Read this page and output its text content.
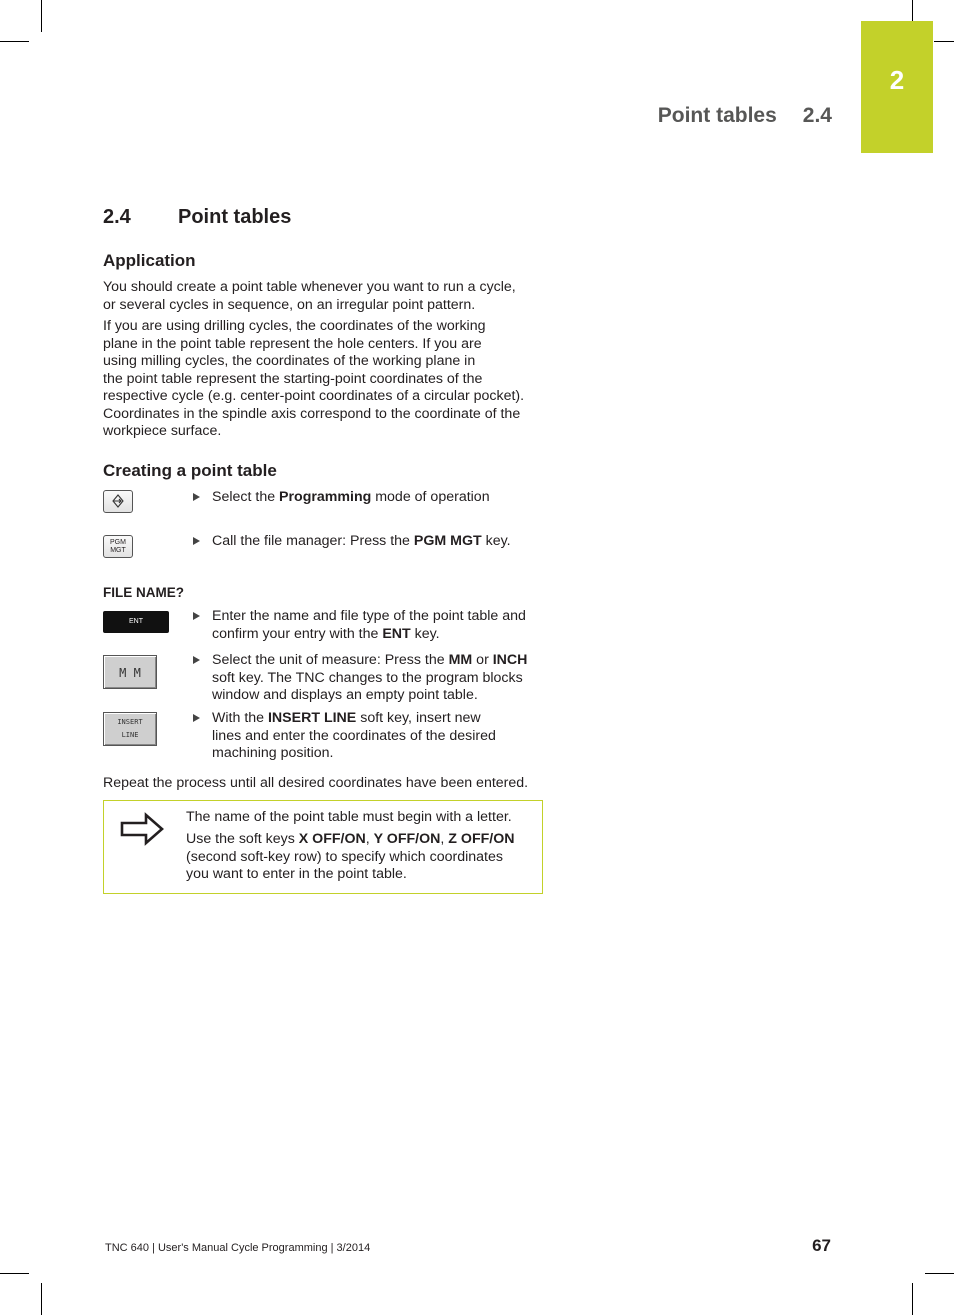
2
Point tables 2.4
2.4 Point tables
Application
You should create a point table whenever you want to run a cycle,
or several cycles in sequence, on an irregular point pattern.
If you are using drilling cycles, the coordinates of the working
plane in the point table represent the hole centers. If you are
using milling cycles, the coordinates of the working plane in
the point table represent the starting-point coordinates of the
respective cycle (e.g. center-point coordinates of a circular pocket).
Coordinates in the spindle axis correspond to the coordinate of the
workpiece surface.
Creating a point table
Select the Programming mode of operation
PGM
MGT
Call the file manager: Press the PGM MGT key.
FILE NAME?
ENT	Enter the name and file type of the point table and
confirm your entry with the ENT key.
M M
Select the unit of measure: Press the MM or INCH
soft key. The TNC changes to the program blocks
window and displays an empty point table.
INSERT
LINE
With the INSERT LINE soft key, insert new
lines and enter the coordinates of the desired
machining position.
Repeat the process until all desired coordinates have been entered.
The name of the point table must begin with a letter.
Use the soft keys X OFF/ON, Y OFF/ON, Z OFF/ON
(second soft-key row) to specify which coordinates
you want to enter in the point table.
TNC 640 | User's Manual Cycle Programming | 3/2014	67
